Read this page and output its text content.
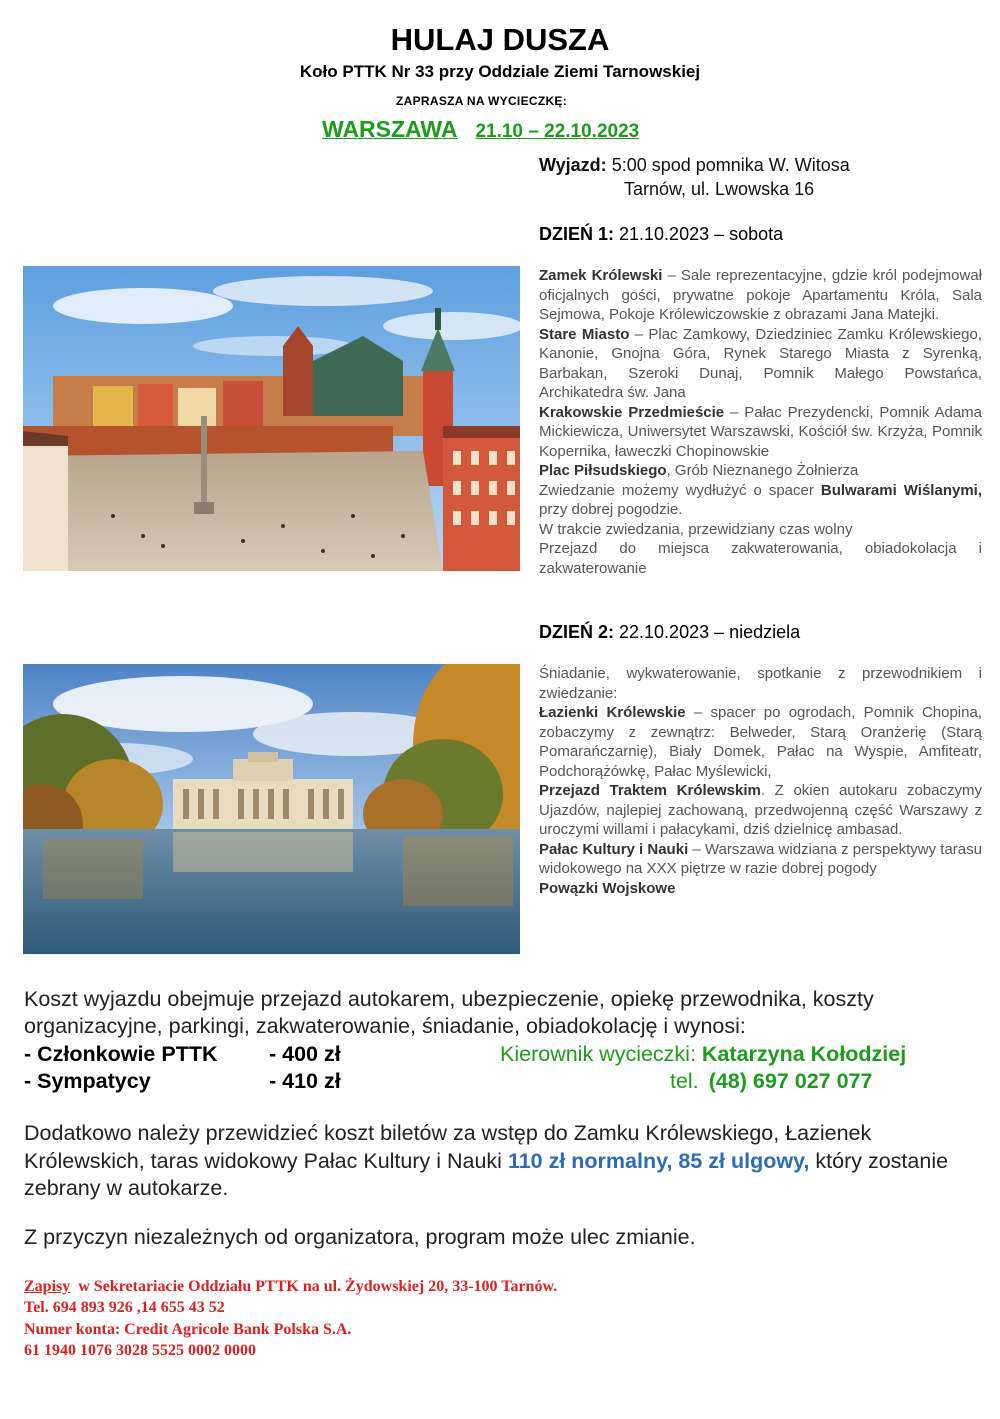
HULAJ DUSZA
Koło PTTK Nr 33 przy Oddziale Ziemi Tarnowskiej
ZAPRASZA NA WYCIECZKĘ:
WARSZAWA 21.10 – 22.10.2023
Wyjazd: 5:00 spod pomnika W. Witosa
Tarnów, ul. Lwowska 16
DZIEŃ 1: 21.10.2023 – sobota

Zamek Królewski – Sale reprezentacyjne, gdzie król podejmował oficjalnych gości, prywatne pokoje Apartamentu Króla, Sala Sejmowa, Pokoje Królewiczowskie z obrazami Jana Matejki.

Stare Miasto – Plac Zamkowy, Dziedziniec Zamku Królewskiego, Kanonie, Gnojna Góra, Rynek Starego Miasta z Syrenką, Barbakan, Szeroki Dunaj, Pomnik Małego Powstańca, Archikatedra św. Jana

Krakowskie Przedmieście – Pałac Prezydencki, Pomnik Adama Mickiewicza, Uniwersytet Warszawski, Kościół św. Krzyża, Pomnik Kopernika, ławeczki Chopinowskie

Plac Piłsudskiego, Grób Nieznanego Żołnierza

Zwiedzanie możemy wydłużyć o spacer Bulwarami Wiślanymi, przy dobrej pogodzie.

W trakcie zwiedzania, przewidziany czas wolny

Przejazd do miejsca zakwaterowania, obiadokolacja i zakwaterowanie

DZIEŃ 2: 22.10.2023 – niedziela

Śniadanie, wykwaterowanie, spotkanie z przewodnikiem i zwiedzanie:

Łazienki Królewskie – spacer po ogrodach, Pomnik Chopina, zobaczymy z zewnątrz: Belweder, Starą Oranżerię (Starą Pomarańczarnię), Biały Domek, Pałac na Wyspie, Amfiteatr, Podchorążówkę, Pałac Myślewicki,

Przejazd Traktem Królewskim. Z okien autokaru zobaczymy Ujazdów, najlepiej zachowaną, przedwojenną część Warszawy z uroczymi willami i pałacykami, dziś dzielnicę ambasad.

Pałac Kultury i Nauki – Warszawa widziana z perspektywy tarasu widokowego na XXX piętrze w razie dobrej pogody

Powązki Wojskowe

Koszt wyjazdu obejmuje przejazd autokarem, ubezpieczenie, opiekę przewodnika, koszty organizacyjne, parkingi, zakwaterowanie, śniadanie, obiadokolację i wynosi:
- Członkowie PTTK - 400 zł
- Sympatycy	- 410 zł
Kierownik wycieczki: Katarzyna Kołodziej
tel. (48) 697 027 077
Dodatkowo należy przewidzieć koszt biletów za wstęp do Zamku Królewskiego, Łazienek Królewskich, taras widokowy Pałac Kultury i Nauki 110 zł normalny, 85 zł ulgowy, który zostanie zebrany w autokarze.
Z przyczyn niezależnych od organizatora, program może ulec zmianie.
Zapisy w Sekretariacie Oddziału PTTK na ul. Żydowskiej 20, 33-100 Tarnów.
Tel. 694 893 926 ,14 655 43 52
Numer konta: Credit Agricole Bank Polska S.A.
61 1940 1076 3028 5525 0002 0000
